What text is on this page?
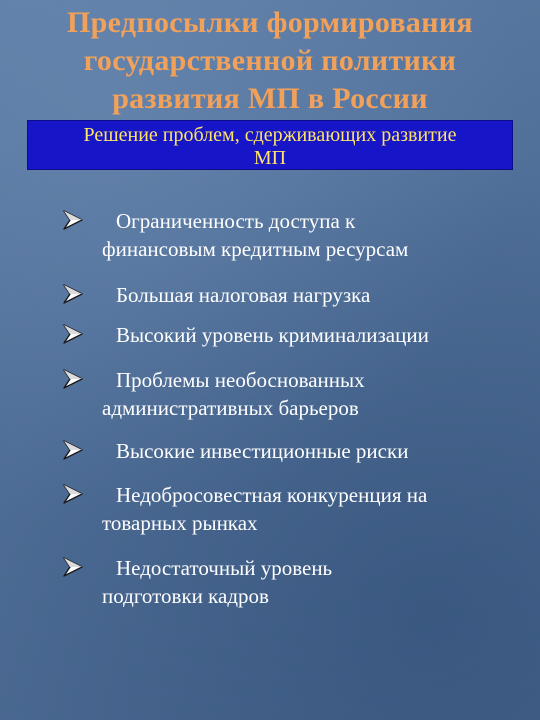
Предпосылки формирования
государственной политики
развития МП в России
Решение проблем, сдерживающих развитие
МП
Ограниченность доступа к
финансовым кредитным ресурсам
Большая налоговая нагрузка
Высокий уровень криминализации
Проблемы необоснованных
административных барьеров
Высокие инвестиционные риски
Недобросовестная конкуренция на
товарных рынках
Недостаточный уровень
подготовки кадров
